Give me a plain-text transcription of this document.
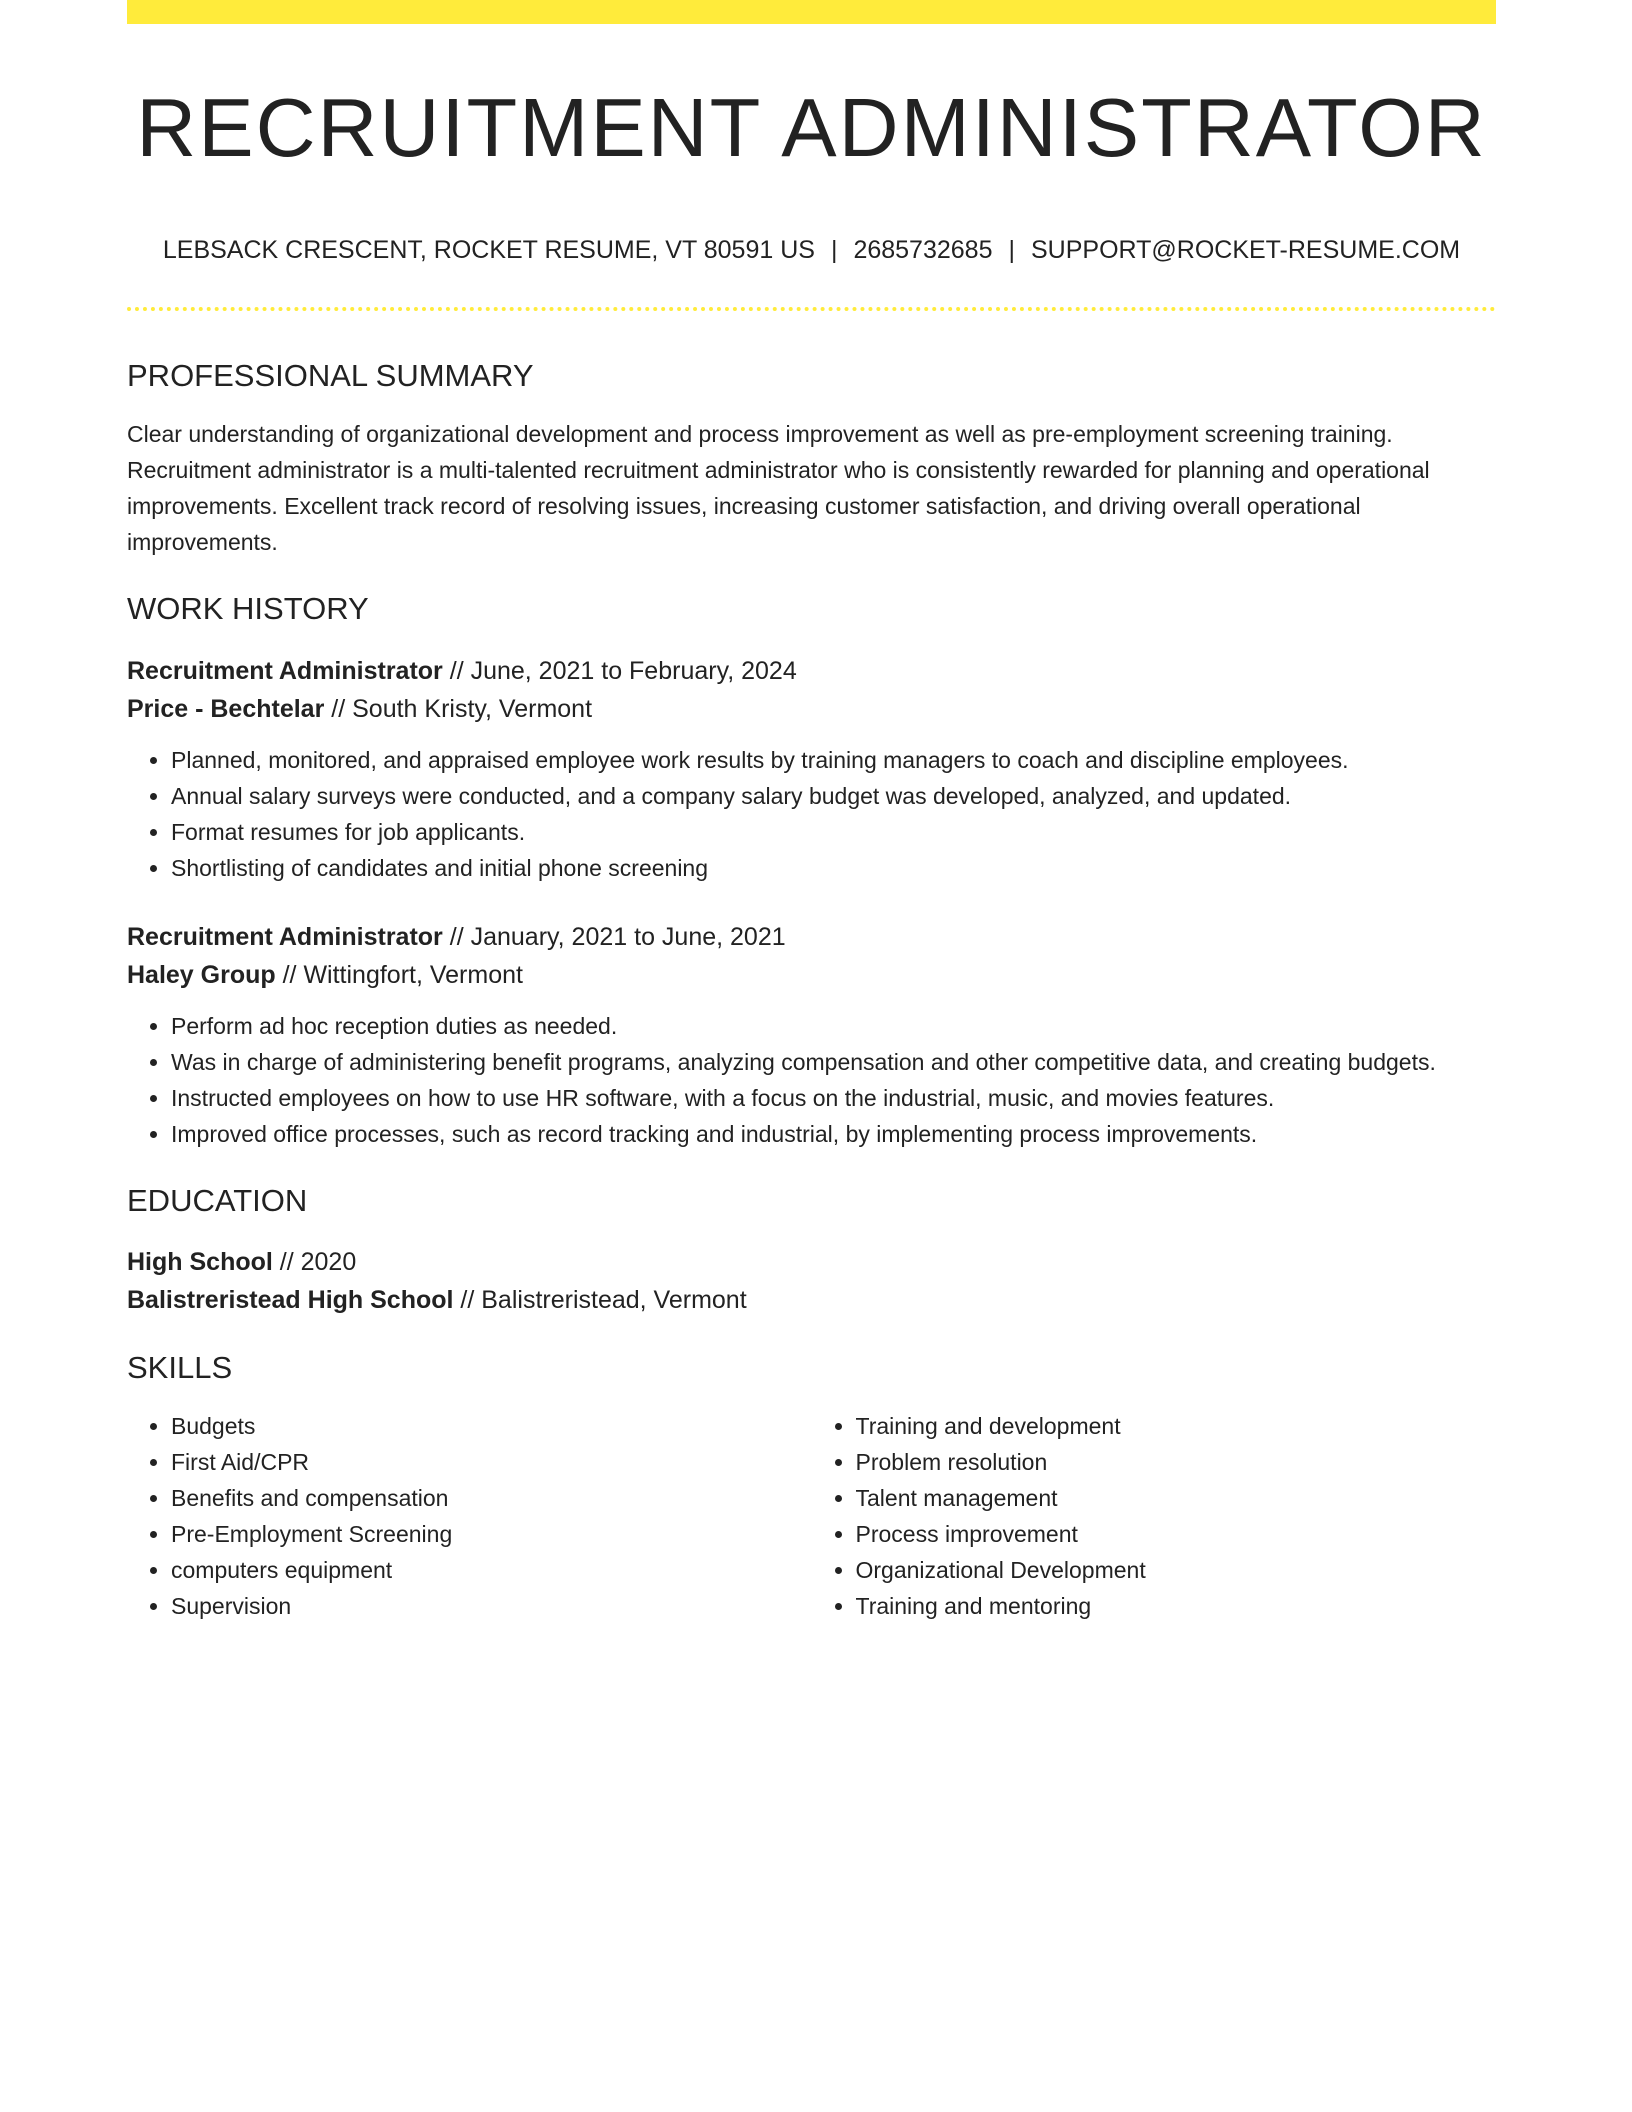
RECRUITMENT ADMINISTRATOR
LEBSACK CRESCENT, ROCKET RESUME, VT 80591 US | 2685732685 | SUPPORT@ROCKET-RESUME.COM
PROFESSIONAL SUMMARY
Clear understanding of organizational development and process improvement as well as pre-employment screening training. Recruitment administrator is a multi-talented recruitment administrator who is consistently rewarded for planning and operational improvements. Excellent track record of resolving issues, increasing customer satisfaction, and driving overall operational improvements.
WORK HISTORY
Recruitment Administrator // June, 2021 to February, 2024
Price - Bechtelar // South Kristy, Vermont
• Planned, monitored, and appraised employee work results by training managers to coach and discipline employees.
• Annual salary surveys were conducted, and a company salary budget was developed, analyzed, and updated.
• Format resumes for job applicants.
• Shortlisting of candidates and initial phone screening
Recruitment Administrator // January, 2021 to June, 2021
Haley Group // Wittingfort, Vermont
• Perform ad hoc reception duties as needed.
• Was in charge of administering benefit programs, analyzing compensation and other competitive data, and creating budgets.
• Instructed employees on how to use HR software, with a focus on the industrial, music, and movies features.
• Improved office processes, such as record tracking and industrial, by implementing process improvements.
EDUCATION
High School // 2020
Balistreristead High School // Balistreristead, Vermont
SKILLS
• Budgets
• First Aid/CPR
• Benefits and compensation
• Pre-Employment Screening
• computers equipment
• Supervision
• Training and development
• Problem resolution
• Talent management
• Process improvement
• Organizational Development
• Training and mentoring
